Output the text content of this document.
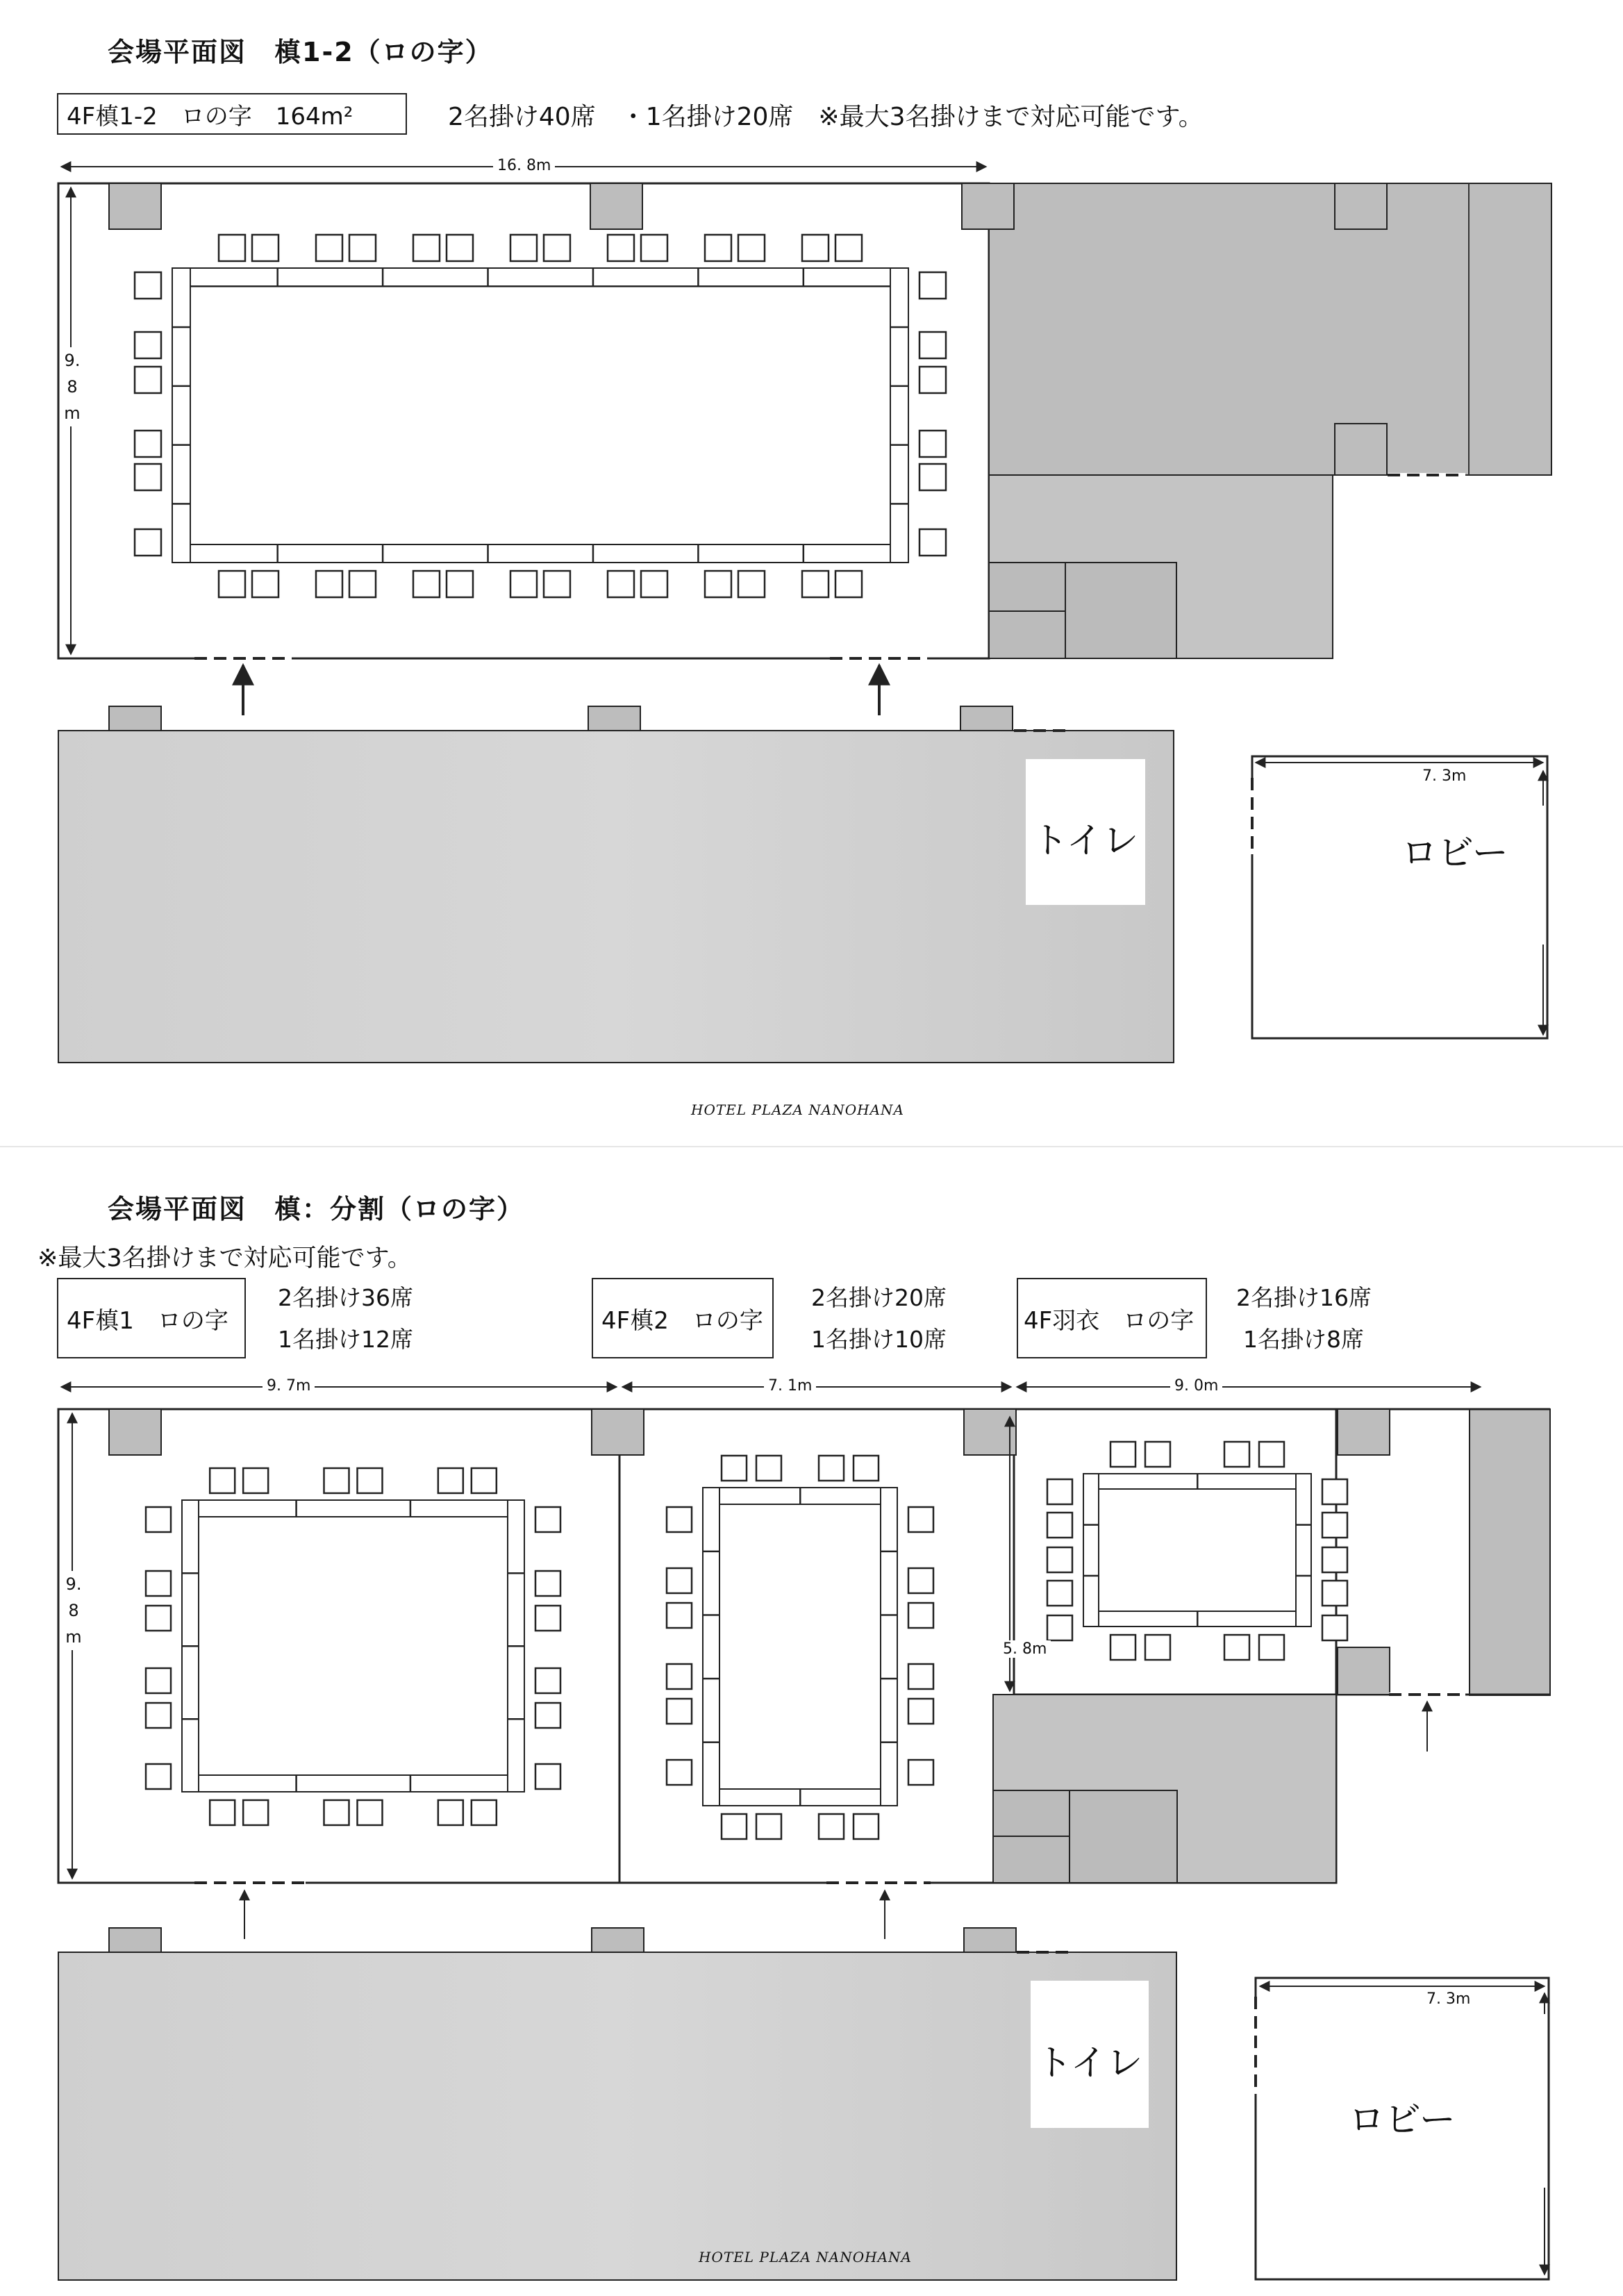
会場平面図　槙1-2（ロの字）
4F槙1-2　ロの字　164m²	2名掛け40席　・1名掛け20席　※最大3名掛けまで対応可能です。
16. 8m
9.8m
トイレ	ロビー
7. 3m
HOTEL PLAZA NANOHANA
会場平面図　槙：分割（ロの字）
※最大3名掛けまで対応可能です。
4F槙1　ロの字
2名掛け36席
1名掛け12席
4F槙2　ロの字
2名掛け20席
1名掛け10席
4F羽衣　ロの字
2名掛け16席
1名掛け8席
9. 7m	7. 1m	9. 0m
9.8m
5. 8m
トイレ
ロビー
7. 3m
HOTEL PLAZA NANOHANA
